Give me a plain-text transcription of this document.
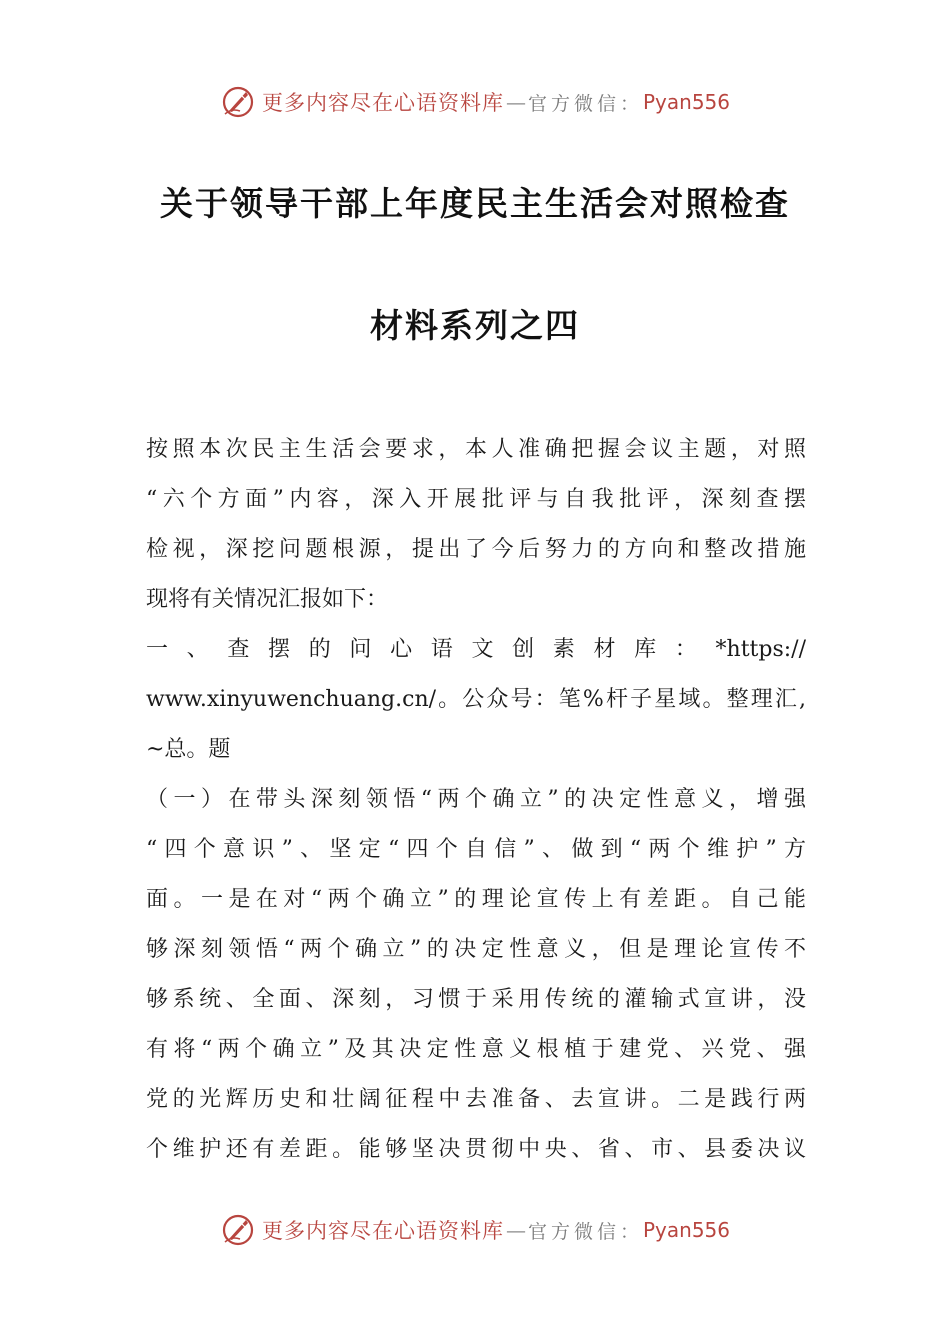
更多内容尽在心语资料库 — 官方微信： Pyan556
关于领导干部上年度民主生活会对照检查
材料系列之四
按照本次民主生活会要求，本人准确把握会议主题，对照
“六个方面”内容，深入开展批评与自我批评，深刻查摆
检视，深挖问题根源，提出了今后努力的方向和整改措施
现将有关情况汇报如下：
一 、 查 摆 的 问 心 语 文 创 素 材 库 ： *https://
www.xinyuwenchuang.cn/。公众号：笔%杆子星域。整理汇,
~总。题
（一）在带头深刻领悟“两个确立”的决定性意义，增强
“四个意识”、坚定“四个自信”、做到“两个维护”方
面。一是在对“两个确立”的理论宣传上有差距。自己能
够深刻领悟“两个确立”的决定性意义，但是理论宣传不
够系统、全面、深刻，习惯于采用传统的灌输式宣讲，没
有将“两个确立”及其决定性意义根植于建党、兴党、强
党的光辉历史和壮阔征程中去准备、去宣讲。二是践行两
个维护还有差距。能够坚决贯彻中央、省、市、县委决议
更多内容尽在心语资料库 — 官方微信： Pyan556
